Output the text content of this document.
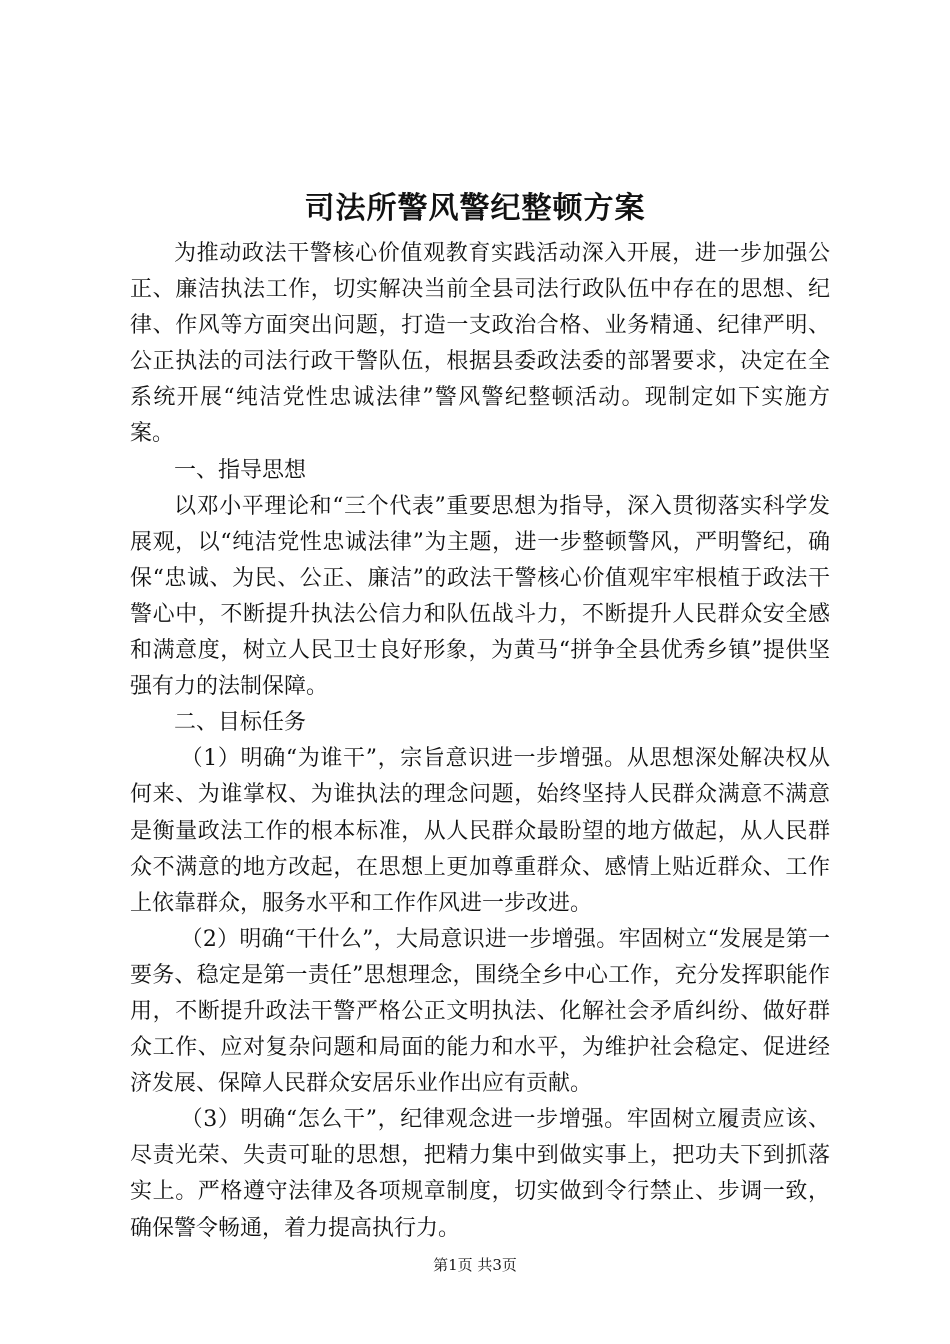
司法所警风警纪整顿方案

为推动政法干警核心价值观教育实践活动深入开展，进一步加强公正、廉洁执法工作，切实解决当前全县司法行政队伍中存在的思想、纪律、作风等方面突出问题，打造一支政治合格、业务精通、纪律严明、公正执法的司法行政干警队伍，根据县委政法委的部署要求，决定在全系统开展“纯洁党性忠诚法律”警风警纪整顿活动。现制定如下实施方案。

一、指导思想

以邓小平理论和“三个代表”重要思想为指导，深入贯彻落实科学发展观，以“纯洁党性忠诚法律”为主题，进一步整顿警风，严明警纪，确保“忠诚、为民、公正、廉洁”的政法干警核心价值观牢牢根植于政法干警心中，不断提升执法公信力和队伍战斗力，不断提升人民群众安全感和满意度，树立人民卫士良好形象，为黄马“拼争全县优秀乡镇”提供坚强有力的法制保障。

二、目标任务

（1）明确“为谁干”，宗旨意识进一步增强。从思想深处解决权从何来、为谁掌权、为谁执法的理念问题，始终坚持人民群众满意不满意是衡量政法工作的根本标准，从人民群众最盼望的地方做起，从人民群众不满意的地方改起，在思想上更加尊重群众、感情上贴近群众、工作上依靠群众，服务水平和工作作风进一步改进。

（2）明确“干什么”，大局意识进一步增强。牢固树立“发展是第一要务、稳定是第一责任”思想理念，围绕全乡中心工作，充分发挥职能作用，不断提升政法干警严格公正文明执法、化解社会矛盾纠纷、做好群众工作、应对复杂问题和局面的能力和水平，为维护社会稳定、促进经济发展、保障人民群众安居乐业作出应有贡献。

（3）明确“怎么干”，纪律观念进一步增强。牢固树立履责应该、尽责光荣、失责可耻的思想，把精力集中到做实事上，把功夫下到抓落实上。严格遵守法律及各项规章制度，切实做到令行禁止、步调一致，确保警令畅通，着力提高执行力。

第1页 共3页
